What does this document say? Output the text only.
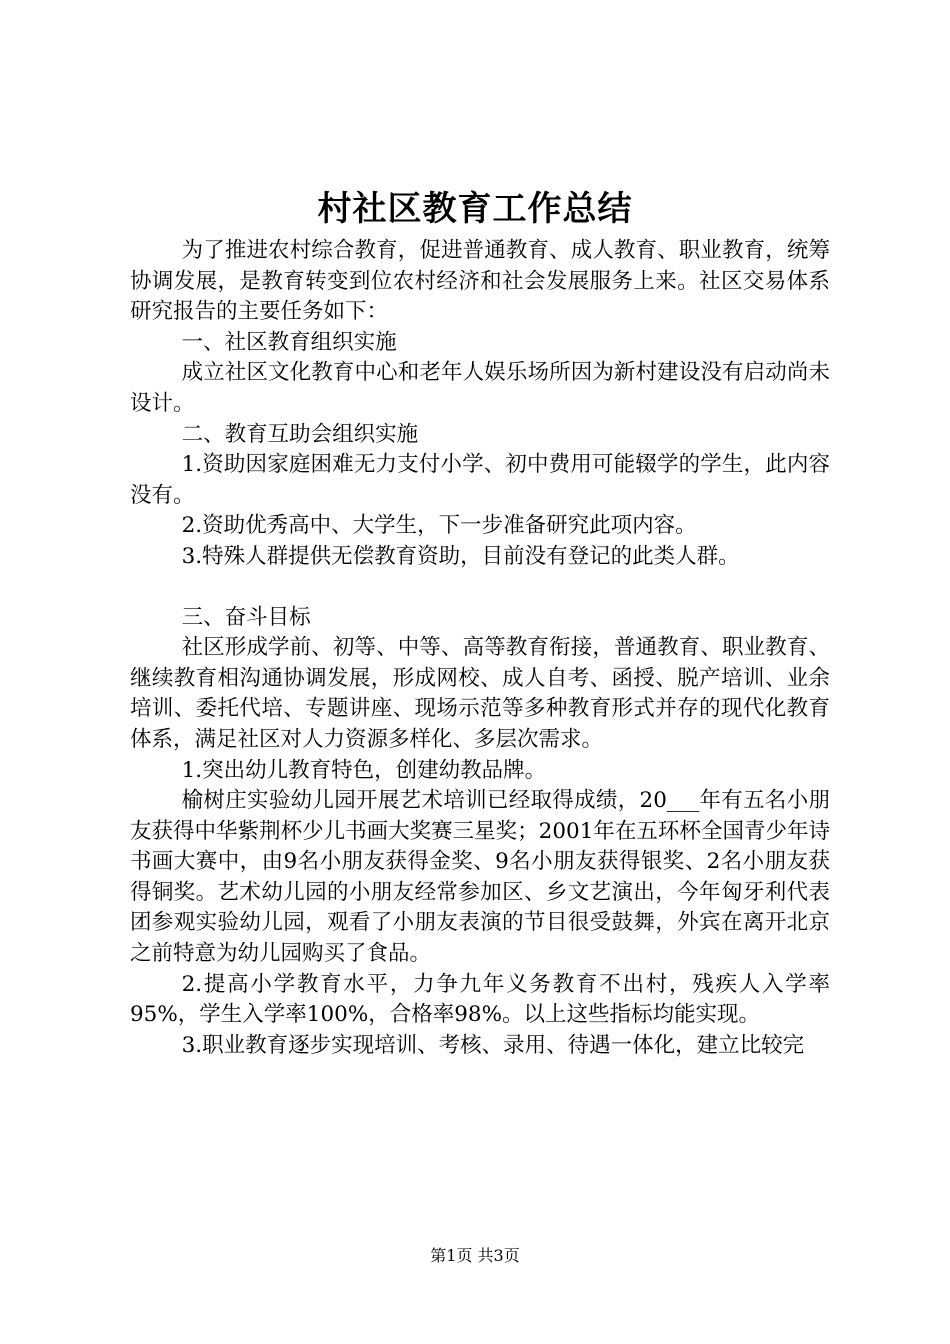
村社区教育工作总结

为了推进农村综合教育，促进普通教育、成人教育、职业教育，统筹协调发展，是教育转变到位农村经济和社会发展服务上来。社区交易体系研究报告的主要任务如下：

一、社区教育组织实施

成立社区文化教育中心和老年人娱乐场所因为新村建设没有启动尚未设计。

二、教育互助会组织实施

1.资助因家庭困难无力支付小学、初中费用可能辍学的学生，此内容没有。

2.资助优秀高中、大学生，下一步准备研究此项内容。

3.特殊人群提供无偿教育资助，目前没有登记的此类人群。

三、奋斗目标

社区形成学前、初等、中等、高等教育衔接，普通教育、职业教育、继续教育相沟通协调发展，形成网校、成人自考、函授、脱产培训、业余培训、委托代培、专题讲座、现场示范等多种教育形式并存的现代化教育体系，满足社区对人力资源多样化、多层次需求。

1.突出幼儿教育特色，创建幼教品牌。

榆树庄实验幼儿园开展艺术培训已经取得成绩，20___年有五名小朋友获得中华紫荆杯少儿书画大奖赛三星奖；2001年在五环杯全国青少年诗书画大赛中，由9名小朋友获得金奖、9名小朋友获得银奖、2名小朋友获得铜奖。艺术幼儿园的小朋友经常参加区、乡文艺演出，今年匈牙利代表团参观实验幼儿园，观看了小朋友表演的节目很受鼓舞，外宾在离开北京之前特意为幼儿园购买了食品。

2.提高小学教育水平，力争九年义务教育不出村，残疾人入学率95%，学生入学率100%，合格率98%。以上这些指标均能实现。

3.职业教育逐步实现培训、考核、录用、待遇一体化，建立比较完

第1页 共3页
